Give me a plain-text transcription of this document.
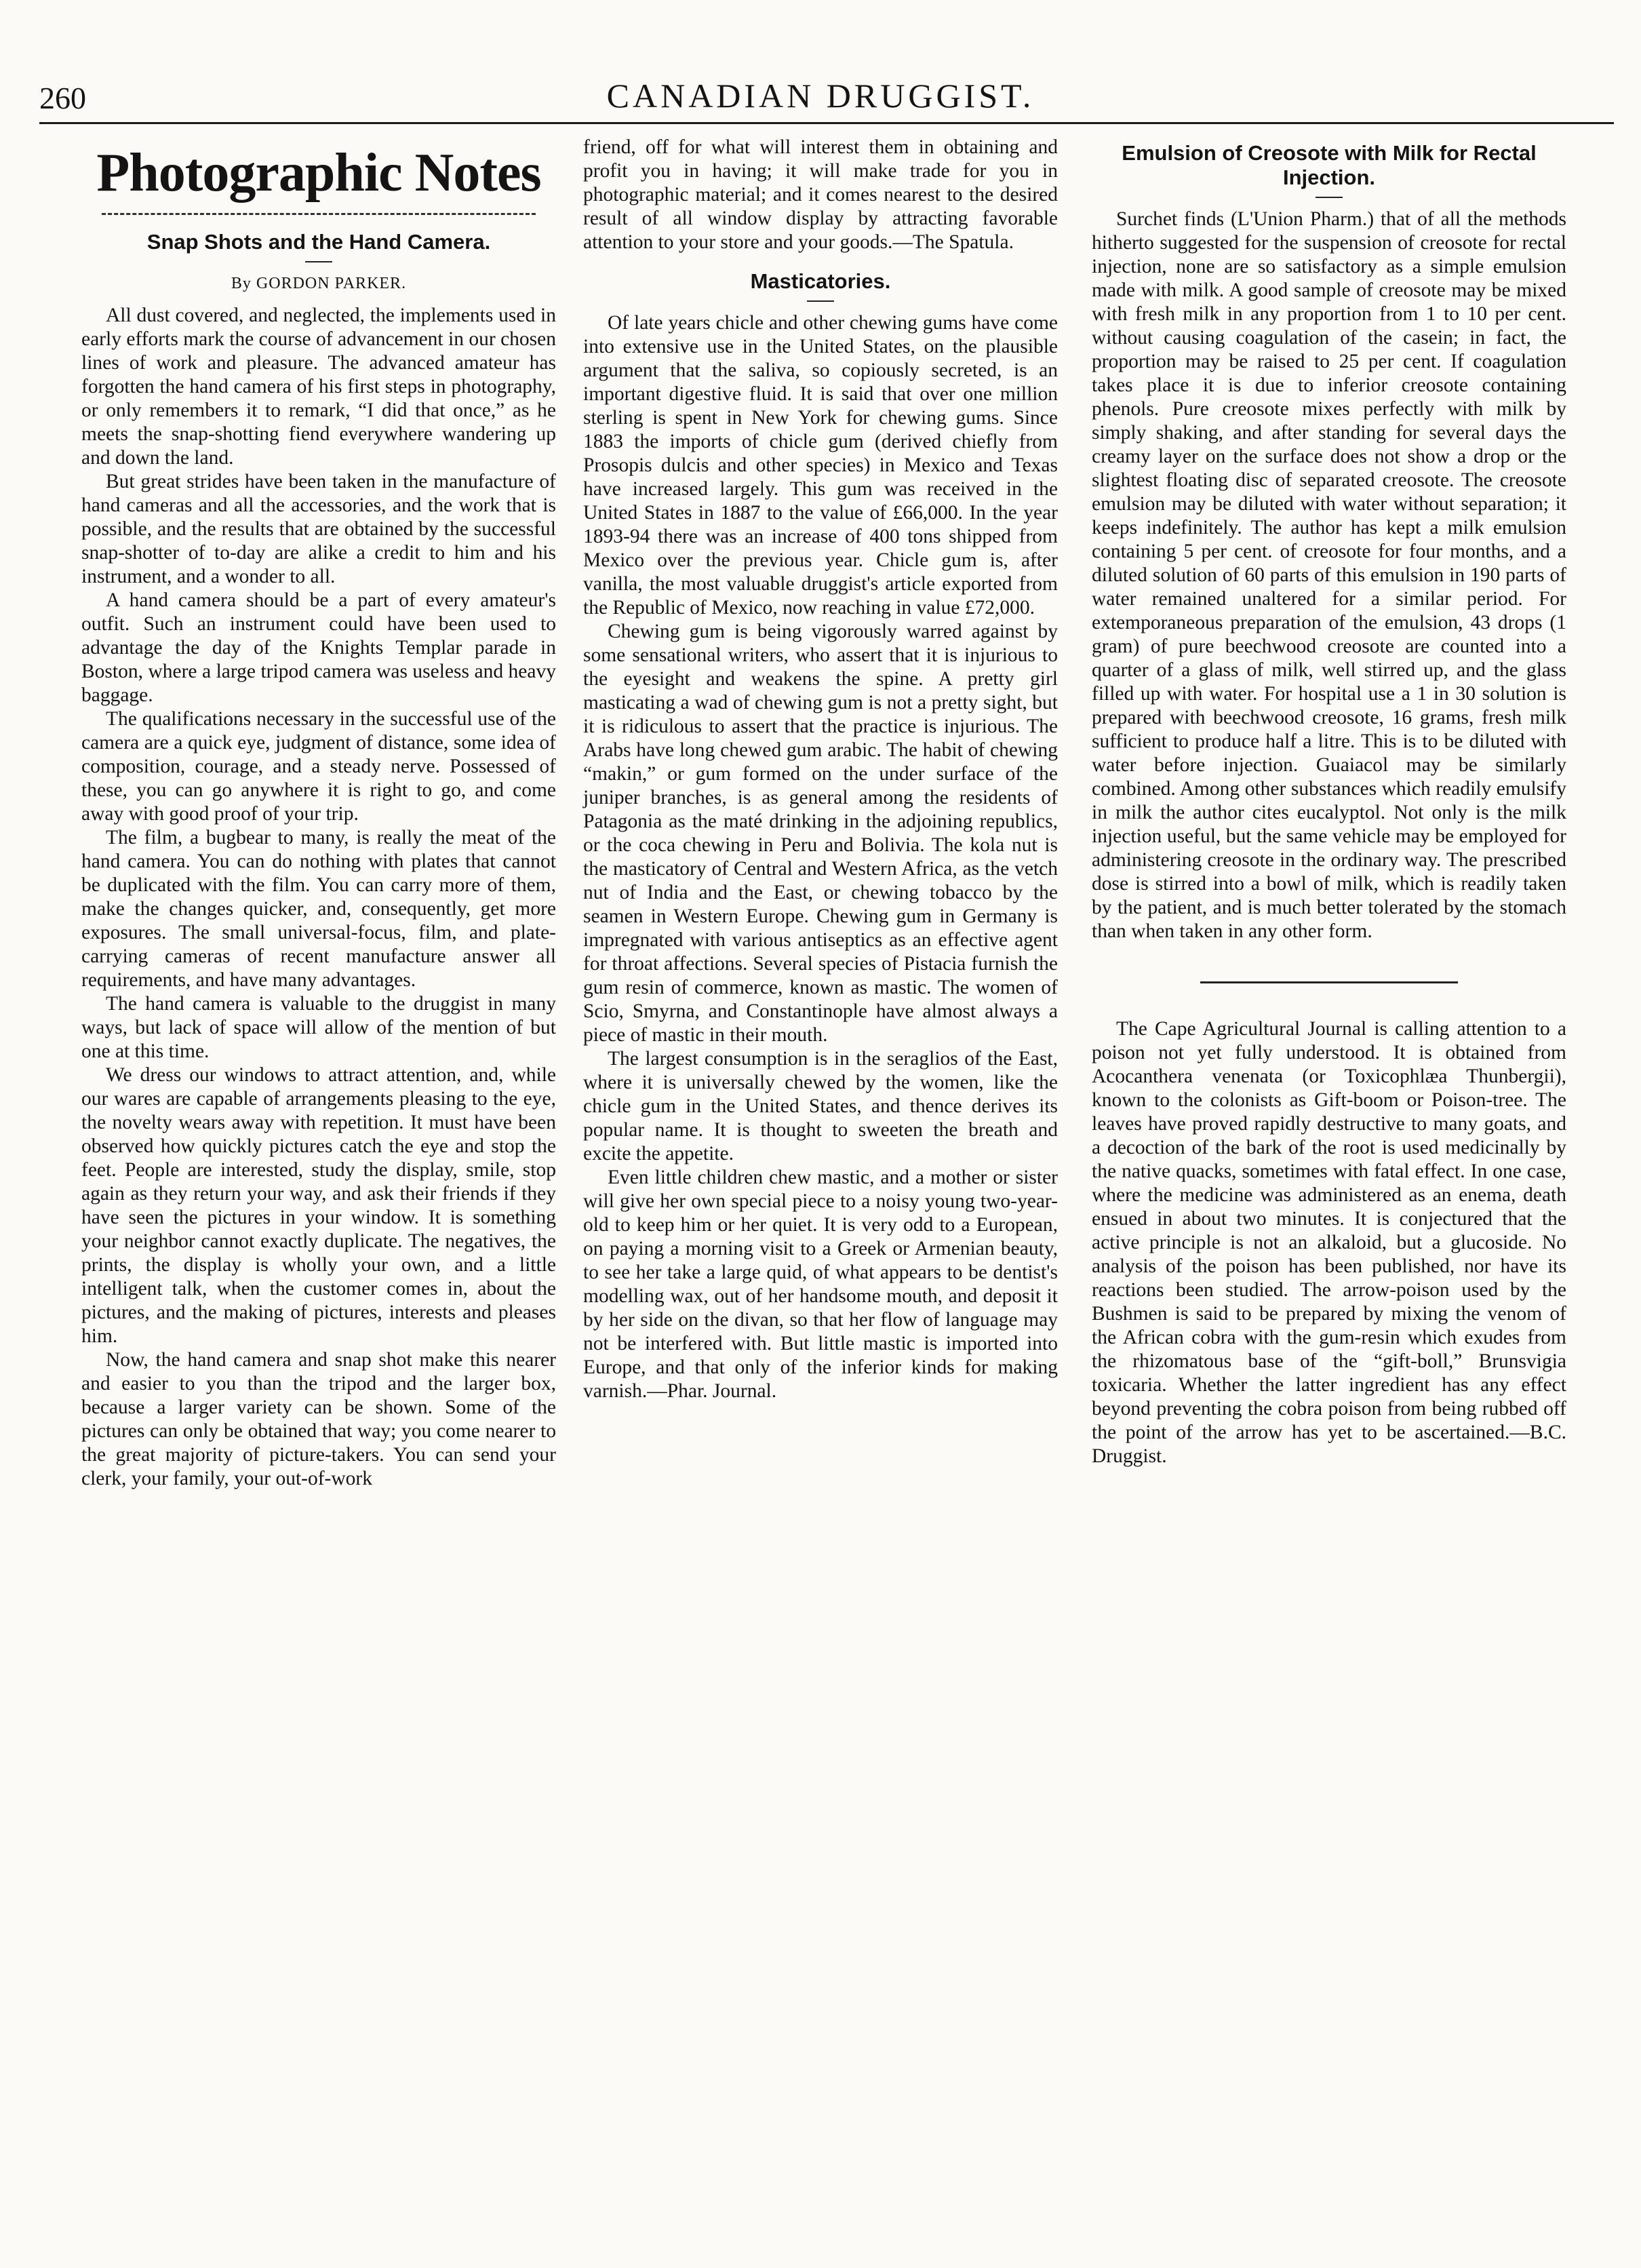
260	CANADIAN DRUGGIST.
Photographic Notes
Snap Shots and the Hand Camera.
By GORDON PARKER.

All dust covered, and neglected, the implements used in early efforts mark the course of advancement in our chosen lines of work and pleasure. The advanced amateur has forgotten the hand camera of his first steps in photography, or only remembers it to remark, “I did that once,” as he meets the snap-shotting fiend everywhere wandering up and down the land.

But great strides have been taken in the manufacture of hand cameras and all the accessories, and the work that is possible, and the results that are obtained by the successful snap-shotter of to-day are alike a credit to him and his instrument, and a wonder to all.

A hand camera should be a part of every amateur's outfit. Such an instrument could have been used to advantage the day of the Knights Templar parade in Boston, where a large tripod camera was useless and heavy baggage.

The qualifications necessary in the successful use of the camera are a quick eye, judgment of distance, some idea of composition, courage, and a steady nerve. Possessed of these, you can go anywhere it is right to go, and come away with good proof of your trip.

The film, a bugbear to many, is really the meat of the hand camera. You can do nothing with plates that cannot be duplicated with the film. You can carry more of them, make the changes quicker, and, consequently, get more exposures. The small universal-focus, film, and plate-carrying cameras of recent manufacture answer all requirements, and have many advantages.

The hand camera is valuable to the druggist in many ways, but lack of space will allow of the mention of but one at this time.

We dress our windows to attract attention, and, while our wares are capable of arrangements pleasing to the eye, the novelty wears away with repetition. It must have been observed how quickly pictures catch the eye and stop the feet. People are interested, study the display, smile, stop again as they return your way, and ask their friends if they have seen the pictures in your window. It is something your neighbor cannot exactly duplicate. The negatives, the prints, the display is wholly your own, and a little intelligent talk, when the customer comes in, about the pictures, and the making of pictures, interests and pleases him.

Now, the hand camera and snap shot make this nearer and easier to you than the tripod and the larger box, because a larger variety can be shown. Some of the pictures can only be obtained that way; you come nearer to the great majority of picture-takers. You can send your clerk, your family, your out-of-work

friend, off for what will interest them in obtaining and profit you in having; it will make trade for you in photographic material; and it comes nearest to the desired result of all window display by attracting favorable attention to your store and your goods.—The Spatula.

Masticatories.

Of late years chicle and other chewing gums have come into extensive use in the United States, on the plausible argument that the saliva, so copiously secreted, is an important digestive fluid. It is said that over one million sterling is spent in New York for chewing gums. Since 1883 the imports of chicle gum (derived chiefly from Prosopis dulcis and other species) in Mexico and Texas have increased largely. This gum was received in the United States in 1887 to the value of £66,000. In the year 1893-94 there was an increase of 400 tons shipped from Mexico over the previous year. Chicle gum is, after vanilla, the most valuable druggist's article exported from the Republic of Mexico, now reaching in value £72,000.

Chewing gum is being vigorously warred against by some sensational writers, who assert that it is injurious to the eyesight and weakens the spine. A pretty girl masticating a wad of chewing gum is not a pretty sight, but it is ridiculous to assert that the practice is injurious. The Arabs have long chewed gum arabic. The habit of chewing “makin,” or gum formed on the under surface of the juniper branches, is as general among the residents of Patagonia as the maté drinking in the adjoining republics, or the coca chewing in Peru and Bolivia. The kola nut is the masticatory of Central and Western Africa, as the vetch nut of India and the East, or chewing tobacco by the seamen in Western Europe. Chewing gum in Germany is impregnated with various antiseptics as an effective agent for throat affections. Several species of Pistacia furnish the gum resin of commerce, known as mastic. The women of Scio, Smyrna, and Constantinople have almost always a piece of mastic in their mouth.

The largest consumption is in the seraglios of the East, where it is universally chewed by the women, like the chicle gum in the United States, and thence derives its popular name. It is thought to sweeten the breath and excite the appetite.

Even little children chew mastic, and a mother or sister will give her own special piece to a noisy young two-year-old to keep him or her quiet. It is very odd to a European, on paying a morning visit to a Greek or Armenian beauty, to see her take a large quid, of what appears to be dentist's modelling wax, out of her handsome mouth, and deposit it by her side on the divan, so that her flow of language may not be interfered with. But little mastic is imported into Europe, and that only of the inferior kinds for making varnish.—Phar. Journal.

Emulsion of Creosote with Milk for Rectal Injection.

Surchet finds (L'Union Pharm.) that of all the methods hitherto suggested for the suspension of creosote for rectal injection, none are so satisfactory as a simple emulsion made with milk. A good sample of creosote may be mixed with fresh milk in any proportion from 1 to 10 per cent. without causing coagulation of the casein; in fact, the proportion may be raised to 25 per cent. If coagulation takes place it is due to inferior creosote containing phenols. Pure creosote mixes perfectly with milk by simply shaking, and after standing for several days the creamy layer on the surface does not show a drop or the slightest floating disc of separated creosote. The creosote emulsion may be diluted with water without separation; it keeps indefinitely. The author has kept a milk emulsion containing 5 per cent. of creosote for four months, and a diluted solution of 60 parts of this emulsion in 190 parts of water remained unaltered for a similar period. For extemporaneous preparation of the emulsion, 43 drops (1 gram) of pure beechwood creosote are counted into a quarter of a glass of milk, well stirred up, and the glass filled up with water. For hospital use a 1 in 30 solution is prepared with beechwood creosote, 16 grams, fresh milk sufficient to produce half a litre. This is to be diluted with water before injection. Guaiacol may be similarly combined. Among other substances which readily emulsify in milk the author cites eucalyptol. Not only is the milk injection useful, but the same vehicle may be employed for administering creosote in the ordinary way. The prescribed dose is stirred into a bowl of milk, which is readily taken by the patient, and is much better tolerated by the stomach than when taken in any other form.

The Cape Agricultural Journal is calling attention to a poison not yet fully understood. It is obtained from Acocanthera venenata (or Toxicophlæa Thunbergii), known to the colonists as Gift-boom or Poison-tree. The leaves have proved rapidly destructive to many goats, and a decoction of the bark of the root is used medicinally by the native quacks, sometimes with fatal effect. In one case, where the medicine was administered as an enema, death ensued in about two minutes. It is conjectured that the active principle is not an alkaloid, but a glucoside. No analysis of the poison has been published, nor have its reactions been studied. The arrow-poison used by the Bushmen is said to be prepared by mixing the venom of the African cobra with the gum-resin which exudes from the rhizomatous base of the “gift-boll,” Brunsvigia toxicaria. Whether the latter ingredient has any effect beyond preventing the cobra poison from being rubbed off the point of the arrow has yet to be ascertained.—B.C. Druggist.
